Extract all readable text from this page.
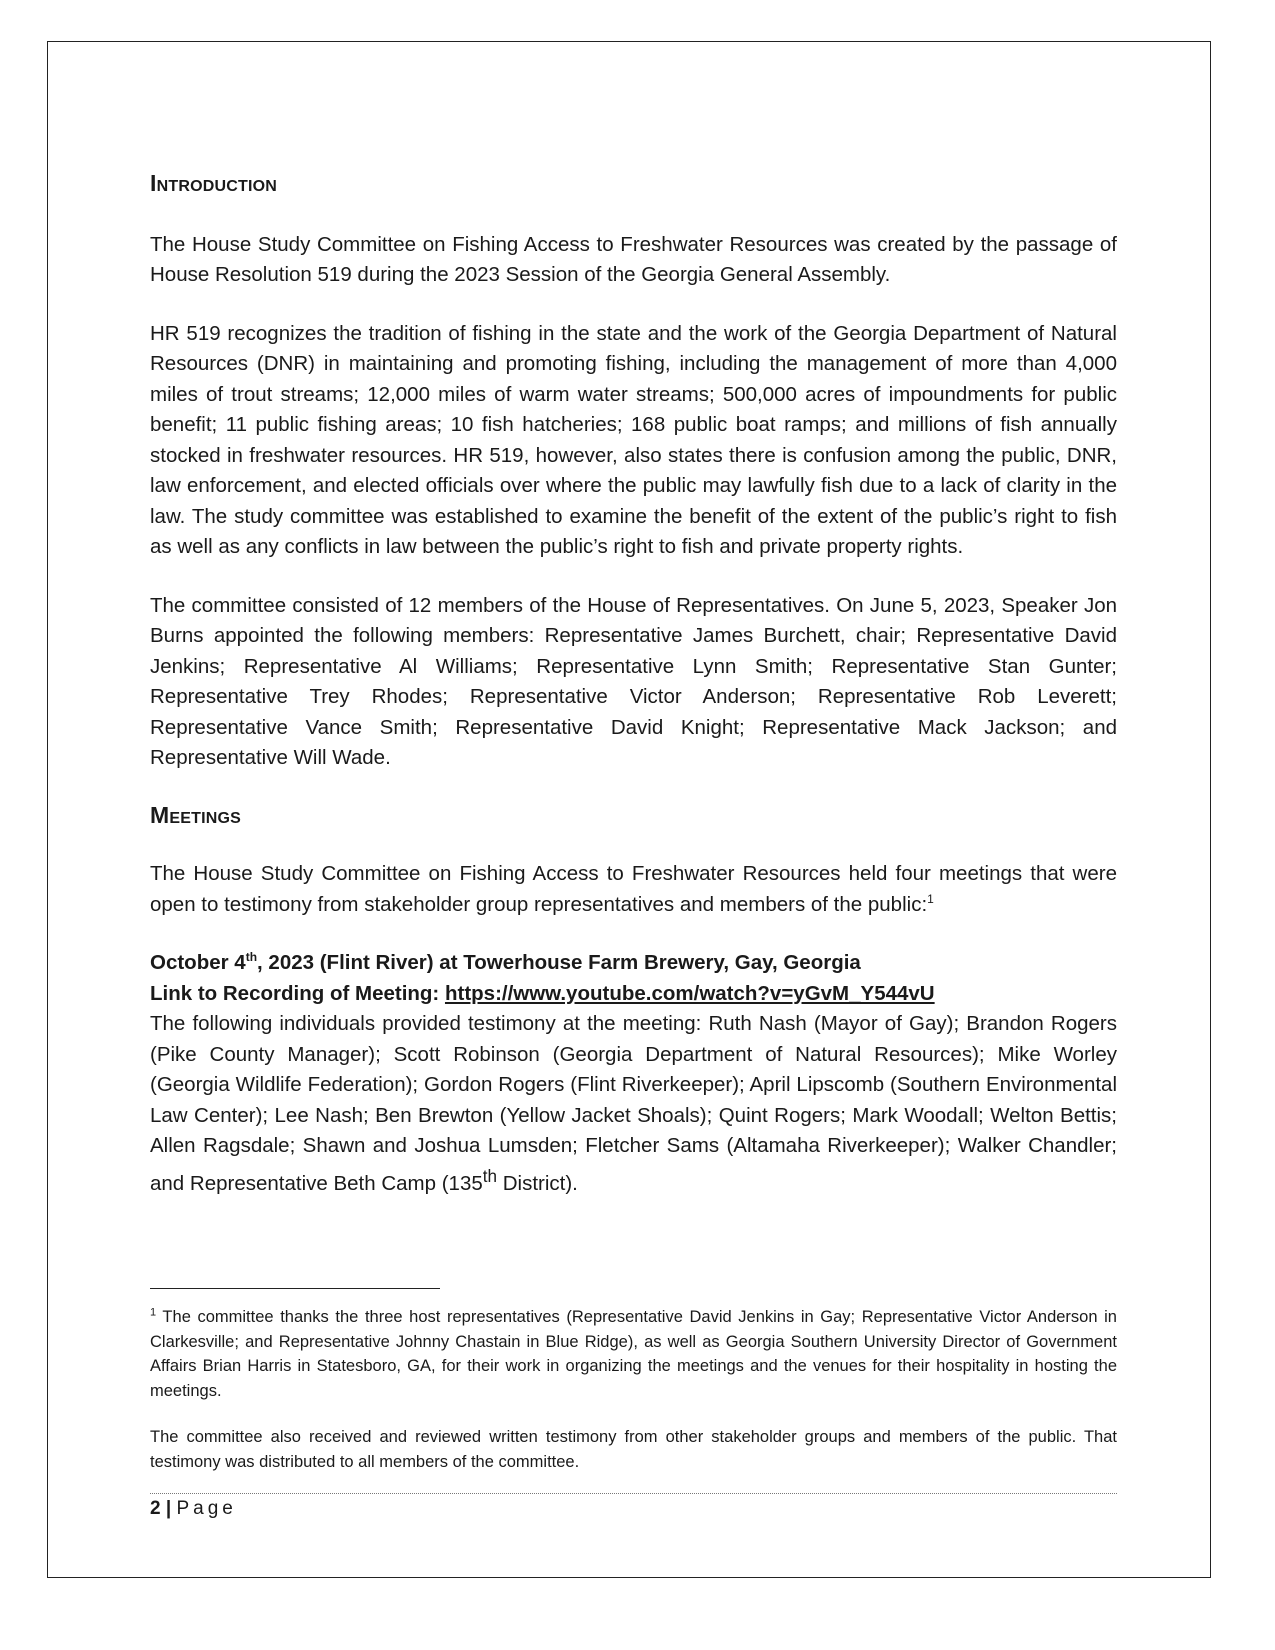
Introduction

The House Study Committee on Fishing Access to Freshwater Resources was created by the passage of House Resolution 519 during the 2023 Session of the Georgia General Assembly.

HR 519 recognizes the tradition of fishing in the state and the work of the Georgia Department of Natural Resources (DNR) in maintaining and promoting fishing, including the management of more than 4,000 miles of trout streams; 12,000 miles of warm water streams; 500,000 acres of impoundments for public benefit; 11 public fishing areas; 10 fish hatcheries; 168 public boat ramps; and millions of fish annually stocked in freshwater resources. HR 519, however, also states there is confusion among the public, DNR, law enforcement, and elected officials over where the public may lawfully fish due to a lack of clarity in the law. The study committee was established to examine the benefit of the extent of the public’s right to fish as well as any conflicts in law between the public’s right to fish and private property rights.

The committee consisted of 12 members of the House of Representatives. On June 5, 2023, Speaker Jon Burns appointed the following members: Representative James Burchett, chair; Representative David Jenkins; Representative Al Williams; Representative Lynn Smith; Representative Stan Gunter; Representative Trey Rhodes; Representative Victor Anderson; Representative Rob Leverett; Representative Vance Smith; Representative David Knight; Representative Mack Jackson; and Representative Will Wade.

Meetings

The House Study Committee on Fishing Access to Freshwater Resources held four meetings that were open to testimony from stakeholder group representatives and members of the public:$^1$

October 4th, 2023 (Flint River) at Towerhouse Farm Brewery, Gay, Georgia

Link to Recording of Meeting: https://www.youtube.com/watch?v=yGvM_Y544vU

The following individuals provided testimony at the meeting: Ruth Nash (Mayor of Gay); Brandon Rogers (Pike County Manager); Scott Robinson (Georgia Department of Natural Resources); Mike Worley (Georgia Wildlife Federation); Gordon Rogers (Flint Riverkeeper); April Lipscomb (Southern Environmental Law Center); Lee Nash; Ben Brewton (Yellow Jacket Shoals); Quint Rogers; Mark Woodall; Welton Bettis; Allen Ragsdale; Shawn and Joshua Lumsden; Fletcher Sams (Altamaha Riverkeeper); Walker Chandler; and Representative Beth Camp (135th District).

$^1$ The committee thanks the three host representatives (Representative David Jenkins in Gay; Representative Victor Anderson in Clarkesville; and Representative Johnny Chastain in Blue Ridge), as well as Georgia Southern University Director of Government Affairs Brian Harris in Statesboro, GA, for their work in organizing the meetings and the venues for their hospitality in hosting the meetings.

The committee also received and reviewed written testimony from other stakeholder groups and members of the public. That testimony was distributed to all members of the committee.

2 | Page
